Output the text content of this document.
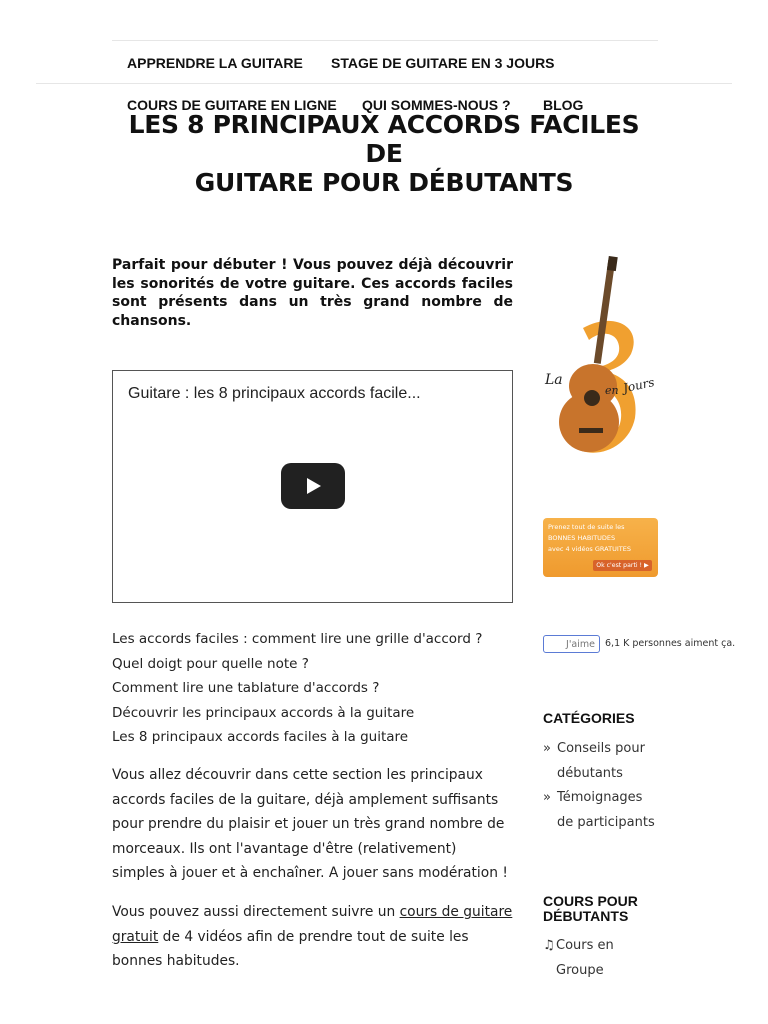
APPRENDRE LA GUITARE STAGE DE GUITARE EN 3 JOURS
COURS DE GUITARE EN LIGNE QUI SOMMES-NOUS ? BLOG
LES 8 PRINCIPAUX ACCORDS FACILES DE
GUITARE POUR DÉBUTANTS
Parfait pour débuter ! Vous pouvez déjà découvrir les sonorités de votre guitare. Ces accords faciles sont présents dans un très grand nombre de chansons.
Guitare : les 8 principaux accords facile...
Les accords faciles : comment lire une grille d'accord ?
Quel doigt pour quelle note ?
Comment lire une tablature d'accords ?
Découvrir les principaux accords à la guitare
Les 8 principaux accords faciles à la guitare
Vous allez découvrir dans cette section les principaux accords faciles de la guitare, déjà amplement suffisants pour prendre du plaisir et jouer un très grand nombre de morceaux. Ils ont l'avantage d'être (relativement) simples à jouer et à enchaîner. A jouer sans modération !
Vous pouvez aussi directement suivre un cours de guitare gratuit de 4 vidéos afin de prendre tout de suite les bonnes habitudes.
La
en Jours
Prenez tout de suite les
BONNES HABITUDES
avec 4 vidéos GRATUITES
Ok c'est parti ! ▶
J'aime	6,1 K personnes aiment ça.
CATÉGORIES
» Conseils pour débutants
» Témoignages de participants
COURS POUR DÉBUTANTS
♫ Cours en Groupe
